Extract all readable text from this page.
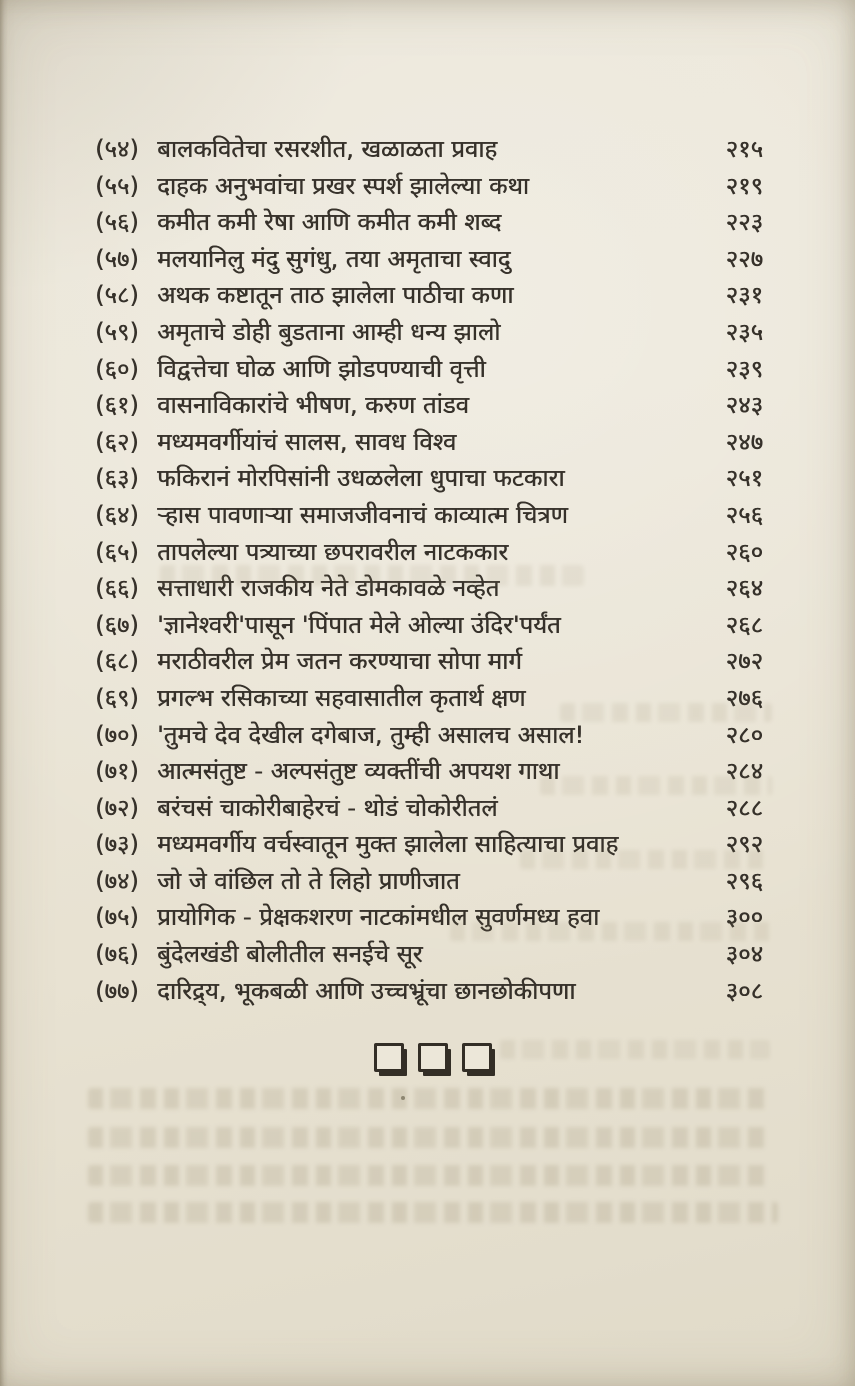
(५४) बालकवितेचा रसरशीत, खळाळता प्रवाह	२१५
(५५) दाहक अनुभवांचा प्रखर स्पर्श झालेल्या कथा	२१९
(५६) कमीत कमी रेषा आणि कमीत कमी शब्द	२२३
(५७) मलयानिलु मंदु सुगंधु, तया अमृताचा स्वादु	२२७
(५८) अथक कष्टातून ताठ झालेला पाठीचा कणा	२३१
(५९) अमृताचे डोही बुडताना आम्ही धन्य झालो	२३५
(६०) विद्वत्तेचा घोळ आणि झोडपण्याची वृत्ती	२३९
(६१) वासनाविकारांचे भीषण, करुण तांडव	२४३
(६२) मध्यमवर्गीयांचं सालस, सावध विश्व	२४७
(६३) फकिरानं मोरपिसांनी उधळलेला धुपाचा फटकारा	२५१
(६४) ऱ्हास पावणाऱ्या समाजजीवनाचं काव्यात्म चित्रण	२५६
(६५) तापलेल्या पत्र्याच्या छपरावरील नाटककार	२६०
(६६) सत्ताधारी राजकीय नेते डोमकावळे नव्हेत	२६४
(६७) 'ज्ञानेश्वरी'पासून 'पिंपात मेले ओल्या उंदिर'पर्यंत	२६८
(६८) मराठीवरील प्रेम जतन करण्याचा सोपा मार्ग	२७२
(६९) प्रगल्भ रसिकाच्या सहवासातील कृतार्थ क्षण	२७६
(७०) 'तुमचे देव देखील दगेबाज, तुम्ही असालच असाल!	२८०
(७१) आत्मसंतुष्ट - अल्पसंतुष्ट व्यक्तींची अपयश गाथा	२८४
(७२) बरंचसं चाकोरीबाहेरचं - थोडं चोकोरीतलं	२८८
(७३) मध्यमवर्गीय वर्चस्वातून मुक्त झालेला साहित्याचा प्रवाह	२९२
(७४) जो जे वांछिल तो ते लिहो प्राणीजात	२९६
(७५) प्रायोगिक - प्रेक्षकशरण नाटकांमधील सुवर्णमध्य हवा	३००
(७६) बुंदेलखंडी बोलीतील सनईचे सूर	३०४
(७७) दारिद्र्य, भूकबळी आणि उच्चभ्रूंचा छानछोकीपणा	३०८
